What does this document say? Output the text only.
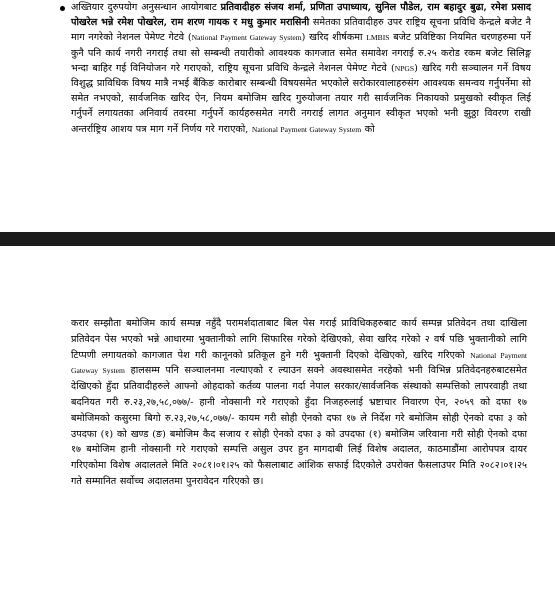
अख्तियार दुरुपयोग अनुसन्धान आयोगबाट प्रतिवादीहरु संजय शर्मा, प्रणिता उपाध्याय, सुनिल पौडेल, राम बहादुर बुढा, रमेश प्रसाद पोखरेल भन्ने रमेश पोखरेल, राम शरण गायक र मधु कुमार मरासिनी समेतका प्रतिवादीहरु उपर राष्ट्रिय सूचना प्रविधि केन्द्रले बजेट नै माग नगरेको नेशनल पेमेण्ट गेटवे (National Payment Gateway System) खरिद शीर्षकमा LMBIS बजेट प्रविष्टिका नियमित चरणहरुमा पर्ने कुनै पनि कार्य नगरी नगराई तथा सो सम्बन्धी तयारीको आवश्यक कागजात समेत समावेश नगराई रु.२५ करोड रकम बजेट सिलिङ्ग भन्दा बाहिर गई विनियोजन गरे गराएको, राष्ट्रिय सूचना प्रविधि केन्द्रले नेशनल पेमेण्ट गेटवे (NPGS) खरिद गरी सञ्चालन गर्ने विषय विशुद्ध प्राविधिक विषय मात्रै नभई बैंकिङ कारोबार सम्बन्धी विषयसमेत भएकोले सरोकारवालाहरुसंग आवश्यक समन्वय गर्नुपर्नेमा सो समेत नभएको, सार्वजनिक खरिद ऐन, नियम बमोजिम खरिद गुरुयोजना तयार गरी सार्वजनिक निकायको प्रमुखको स्वीकृत लिई गर्नुपर्ने लगायतका अनिवार्य तवरमा गर्नुपर्ने कार्यहरुसमेत नगरी नगराई लागत अनुमान स्वीकृत भएको भनी झुठ्ठा विवरण राखी अन्तर्राष्ट्रिय आशय पत्र माग गर्ने निर्णय गरे गराएको, National Payment Gateway System को

करार सम्झौता बमोजिम कार्य सम्पन्न नहुँदै परामर्शदाताबाट बिल पेस गराई प्राविधिकहरुबाट कार्य सम्पन्न प्रतिवेदन तथा दाखिला प्रतिवेदन पेस भएको भन्ने आधारमा भुक्तानीको लागि सिफारिस गरेको देखिएको, सेवा खरिद गरेको २ वर्ष पछि भुक्तानीको लागि टिप्पणी लगायतको कागजात पेश गरी कानूनको प्रतिकूल हुने गरी भुक्तानी दिएको देखिएको, खरिद गरिएको National Payment Gateway System हालसम्म पनि सञ्चालनमा नल्याएको र ल्याउन सक्ने अवस्थासमेत नरहेको भनी विभिन्न प्रतिवेदनहरुबाटसमेत देखिएको हुँदा प्रतिवादीहरुले आफ्नो ओहदाको कर्तव्य पालना गर्दा नेपाल सरकार/सार्वजनिक संस्थाको सम्पत्तिको लापरवाही तथा बदनियत गरी रु.२३,२७,५८,०७७/- हानी नोक्सानी गरे गराएको हुँदा निजहरुलाई भ्रष्टाचार निवारण ऐन, २०५९ को दफा १७ बमोजिमको कसुरमा बिगो रु.२३,२७,५८,०७७/- कायम गरी सोही ऐनको दफा १७ ले निर्देश गरे बमोजिम सोही ऐनको दफा ३ को उपदफा (१) को खण्ड (ङ) बमोजिम कैद सजाय र सोही ऐनको दफा ३ को उपदफा (१) बमोजिम जरिवाना गरी सोही ऐनको दफा १७ बमोजिम हानी नोक्सानी गरे गराएको सम्पत्ति असुल उपर हुन मागदाबी लिई विशेष अदालत, काठमाडौंमा आरोपपत्र दायर गरिएकोमा विशेष अदालतले मिति २०८१।०१।२५ को फैसलाबाट आंशिक सफाई दिएकोले उपरोक्त फैसलाउपर मिति २०८२।०१।२५ गते सम्मानित सर्वोच्च अदालतमा पुनरावेदन गरिएको छ।
